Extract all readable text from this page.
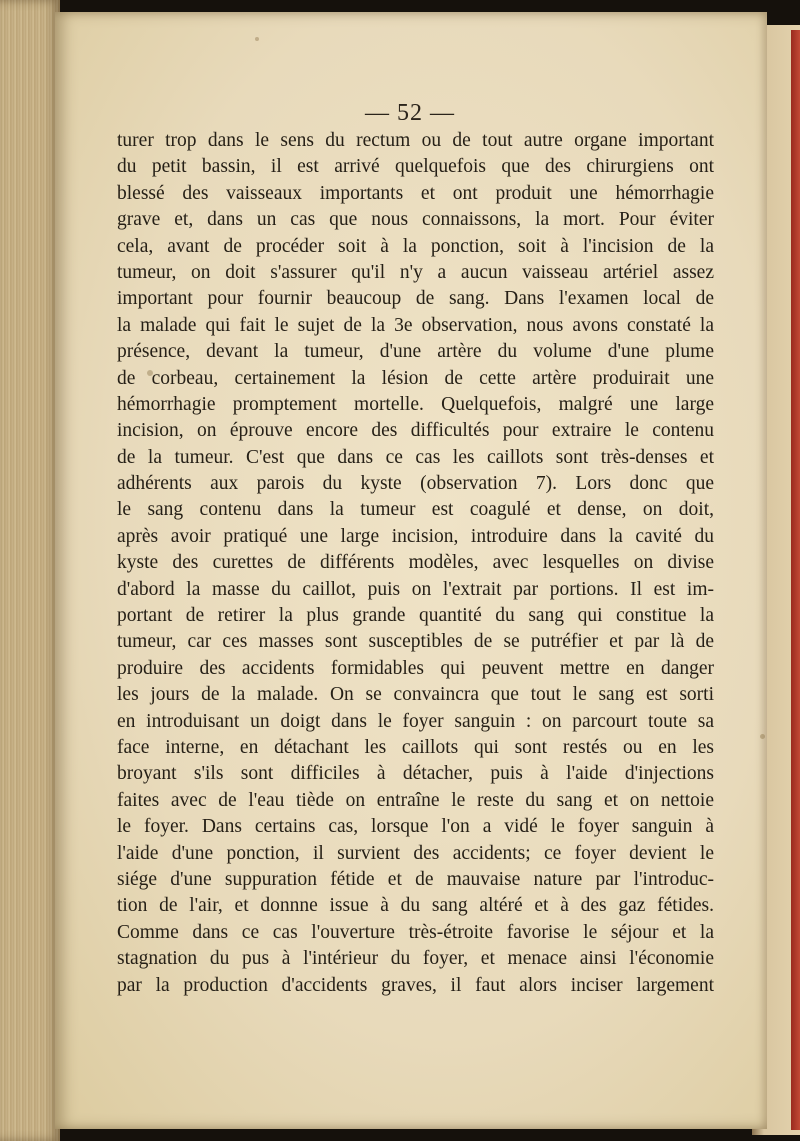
— 52 —
turer trop dans le sens du rectum ou de tout autre organe important
du petit bassin, il est arrivé quelquefois que des chirurgiens ont
blessé des vaisseaux importants et ont produit une hémorrhagie
grave et, dans un cas que nous connaissons, la mort. Pour éviter
cela, avant de procéder soit à la ponction, soit à l'incision de la
tumeur, on doit s'assurer qu'il n'y a aucun vaisseau artériel assez
important pour fournir beaucoup de sang. Dans l'examen local de
la malade qui fait le sujet de la 3e observation, nous avons constaté la
présence, devant la tumeur, d'une artère du volume d'une plume
de corbeau, certainement la lésion de cette artère produirait une
hémorrhagie promptement mortelle. Quelquefois, malgré une large
incision, on éprouve encore des difficultés pour extraire le contenu
de la tumeur. C'est que dans ce cas les caillots sont très-denses et
adhérents aux parois du kyste (observation 7). Lors donc que
le sang contenu dans la tumeur est coagulé et dense, on doit,
après avoir pratiqué une large incision, introduire dans la cavité du
kyste des curettes de différents modèles, avec lesquelles on divise
d'abord la masse du caillot, puis on l'extrait par portions. Il est im-
portant de retirer la plus grande quantité du sang qui constitue la
tumeur, car ces masses sont susceptibles de se putréfier et par là de
produire des accidents formidables qui peuvent mettre en danger
les jours de la malade. On se convaincra que tout le sang est sorti
en introduisant un doigt dans le foyer sanguin : on parcourt toute sa
face interne, en détachant les caillots qui sont restés ou en les
broyant s'ils sont difficiles à détacher, puis à l'aide d'injections
faites avec de l'eau tiède on entraîne le reste du sang et on nettoie
le foyer. Dans certains cas, lorsque l'on a vidé le foyer sanguin à
l'aide d'une ponction, il survient des accidents; ce foyer devient le
siége d'une suppuration fétide et de mauvaise nature par l'introduc-
tion de l'air, et donnne issue à du sang altéré et à des gaz fétides.
Comme dans ce cas l'ouverture très-étroite favorise le séjour et la
stagnation du pus à l'intérieur du foyer, et menace ainsi l'économie
par la production d'accidents graves, il faut alors inciser largement
